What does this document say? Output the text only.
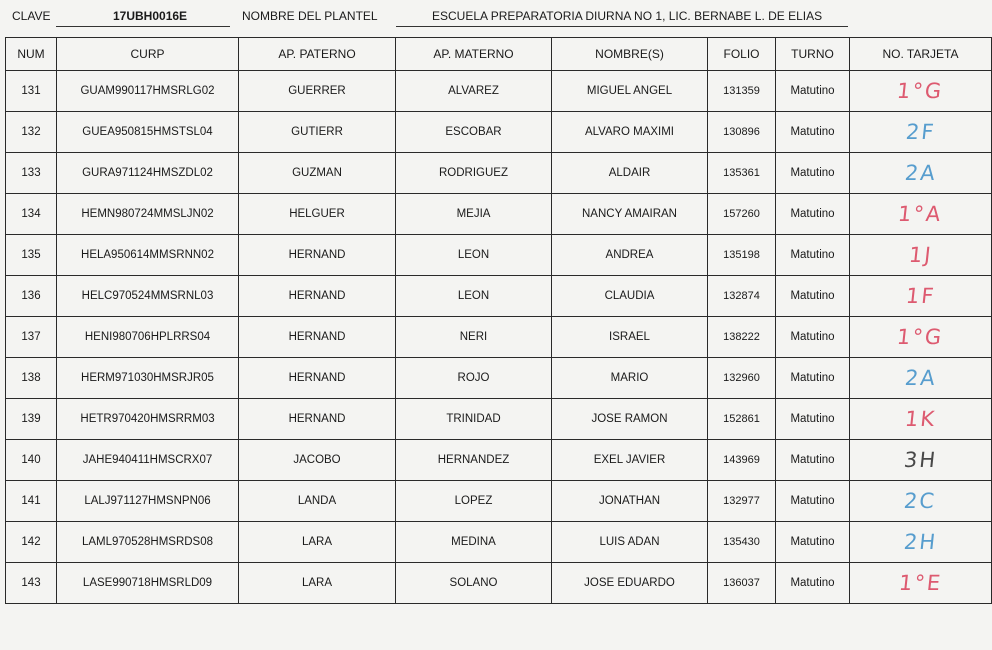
CLAVE	17UBH0016E	NOMBRE DEL PLANTEL	ESCUELA PREPARATORIA DIURNA NO 1, LIC. BERNABE L. DE ELIAS
NUM	CURP	AP. PATERNO	AP. MATERNO	NOMBRE(S)	FOLIO	TURNO	NO. TARJETA
131	GUAM990117HMSRLG02	GUERRER	ALVAREZ	MIGUEL ANGEL	131359	Matutino	1°G
132	GUEA950815HMSTSL04	GUTIERR	ESCOBAR	ALVARO MAXIMI	130896	Matutino	2F
133	GURA971124HMSZDL02	GUZMAN	RODRIGUEZ	ALDAIR	135361	Matutino	2A
134	HEMN980724MMSLJN02	HELGUER	MEJIA	NANCY AMAIRAN	157260	Matutino	1°A
135	HELA950614MMSRNN02	HERNAND	LEON	ANDREA	135198	Matutino	1J
136	HELC970524MMSRNL03	HERNAND	LEON	CLAUDIA	132874	Matutino	1F
137	HENI980706HPLRRS04	HERNAND	NERI	ISRAEL	138222	Matutino	1°G
138	HERM971030HMSRJR05	HERNAND	ROJO	MARIO	132960	Matutino	2A
139	HETR970420HMSRRM03	HERNAND	TRINIDAD	JOSE RAMON	152861	Matutino	1K
140	JAHE940411HMSCRX07	JACOBO	HERNANDEZ	EXEL JAVIER	143969	Matutino	3H
141	LALJ971127HMSNPN06	LANDA	LOPEZ	JONATHAN	132977	Matutino	2C
142	LAML970528HMSRDS08	LARA	MEDINA	LUIS ADAN	135430	Matutino	2H
143	LASE990718HMSRLD09	LARA	SOLANO	JOSE EDUARDO	136037	Matutino	1°E
